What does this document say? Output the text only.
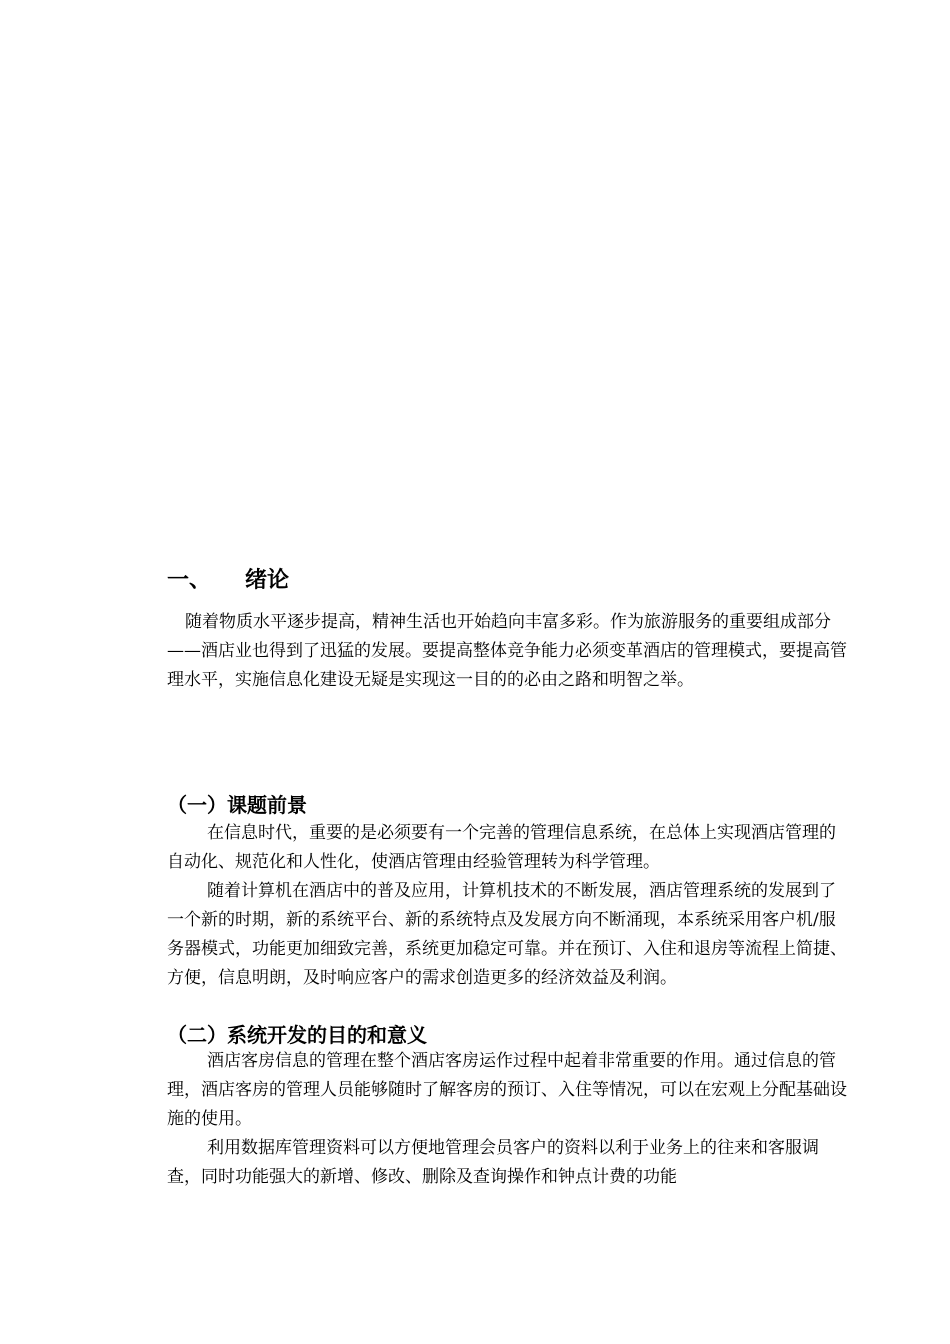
一、 绪论

随着物质水平逐步提高，精神生活也开始趋向丰富多彩。作为旅游服务的重要组成部分——酒店业也得到了迅猛的发展。要提高整体竞争能力必须变革酒店的管理模式，要提高管理水平，实施信息化建设无疑是实现这一目的的必由之路和明智之举。

（一）课题前景

在信息时代，重要的是必须要有一个完善的管理信息系统，在总体上实现酒店管理的自动化、规范化和人性化，使酒店管理由经验管理转为科学管理。

随着计算机在酒店中的普及应用，计算机技术的不断发展，酒店管理系统的发展到了一个新的时期，新的系统平台、新的系统特点及发展方向不断涌现，本系统采用客户机/服务器模式，功能更加细致完善，系统更加稳定可靠。并在预订、入住和退房等流程上简捷、方便，信息明朗，及时响应客户的需求创造更多的经济效益及利润。

（二）系统开发的目的和意义

酒店客房信息的管理在整个酒店客房运作过程中起着非常重要的作用。通过信息的管理，酒店客房的管理人员能够随时了解客房的预订、入住等情况，可以在宏观上分配基础设施的使用。

利用数据库管理资料可以方便地管理会员客户的资料以利于业务上的往来和客服调查，同时功能强大的新增、修改、删除及查询操作和钟点计费的功能
